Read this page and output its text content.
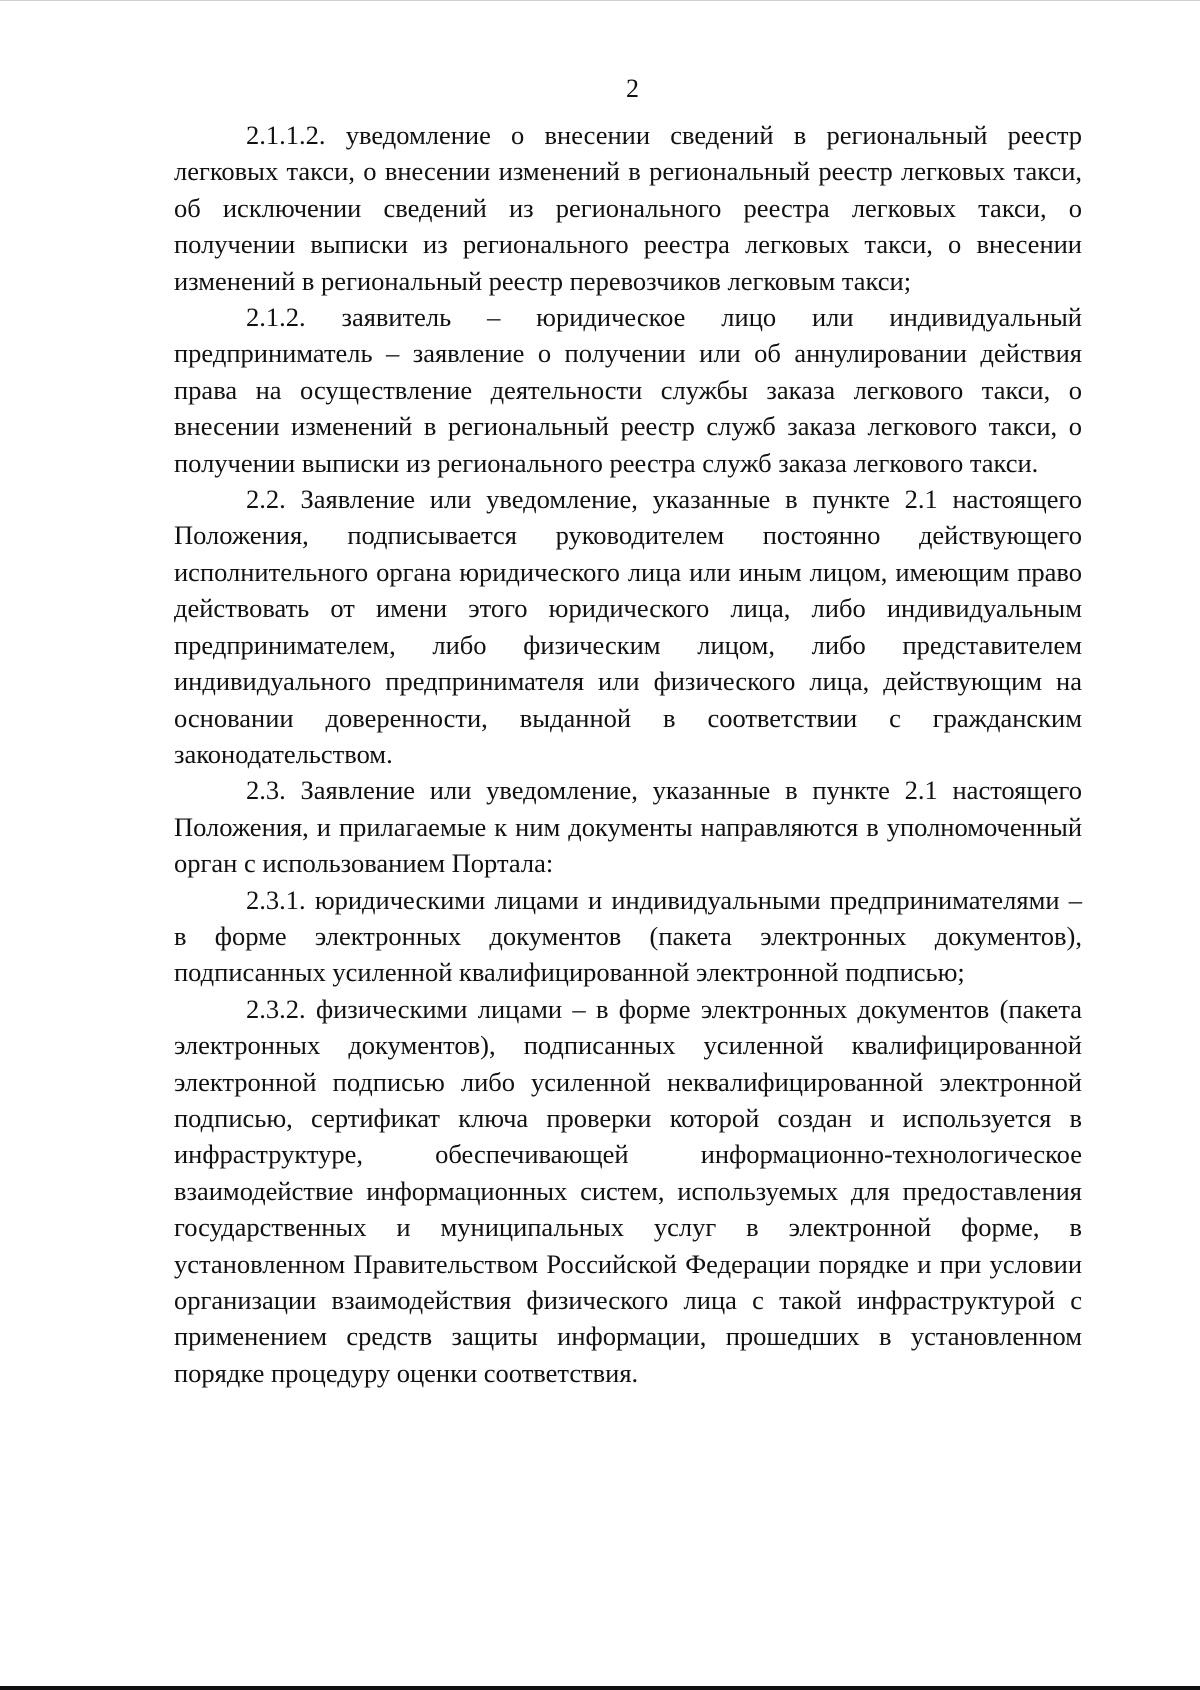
2

2.1.1.2. уведомление о внесении сведений в региональный реестр легковых такси, о внесении изменений в региональный реестр легковых такси, об исключении сведений из регионального реестра легковых такси, о получении выписки из регионального реестра легковых такси, о внесении изменений в региональный реестр перевозчиков легковым такси;

2.1.2. заявитель – юридическое лицо или индивидуальный предприниматель – заявление о получении или об аннулировании действия права на осуществление деятельности службы заказа легкового такси, о внесении изменений в региональный реестр служб заказа легкового такси, о получении выписки из регионального реестра служб заказа легкового такси.

2.2. Заявление или уведомление, указанные в пункте 2.1 настоящего Положения, подписывается руководителем постоянно действующего исполнительного органа юридического лица или иным лицом, имеющим право действовать от имени этого юридического лица, либо индивидуальным предпринимателем, либо физическим лицом, либо представителем индивидуального предпринимателя или физического лица, действующим на основании доверенности, выданной в соответствии с гражданским законодательством.

2.3. Заявление или уведомление, указанные в пункте 2.1 настоящего Положения, и прилагаемые к ним документы направляются в уполномоченный орган с использованием Портала:

2.3.1. юридическими лицами и индивидуальными предпринимателями – в форме электронных документов (пакета электронных документов), подписанных усиленной квалифицированной электронной подписью;

2.3.2. физическими лицами – в форме электронных документов (пакета электронных документов), подписанных усиленной квалифицированной электронной подписью либо усиленной неквалифицированной электронной подписью, сертификат ключа проверки которой создан и используется в инфраструктуре, обеспечивающей информационно-технологическое взаимодействие информационных систем, используемых для предоставления государственных и муниципальных услуг в электронной форме, в установленном Правительством Российской Федерации порядке и при условии организации взаимодействия физического лица с такой инфраструктурой с применением средств защиты информации, прошедших в установленном порядке процедуру оценки соответствия.
